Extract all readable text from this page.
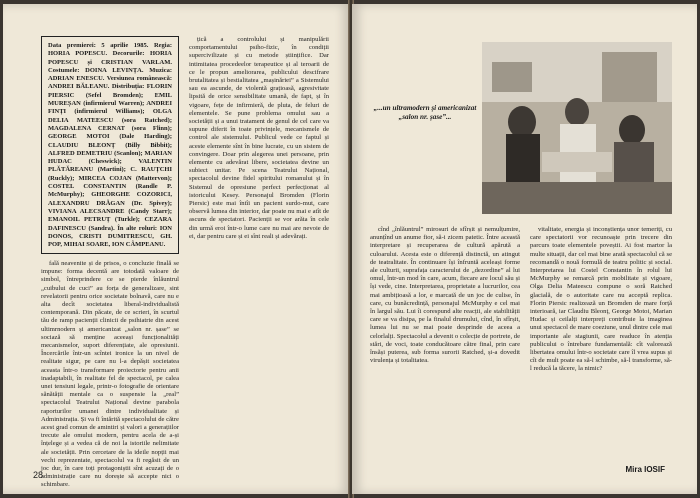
Data premierei: 5 aprilie 1985. Regia: HORIA POPESCU. Decorurile: HORIA POPESCU și CRISTIAN VARLAM. Costumele: DOINA LEVINȚA. Muzica: ADRIAN ENESCU. Versiunea românească: ANDREI BĂLEANU. Distribuția: FLORIN PIERSIC (Sefel Bromden); EMIL MUREȘAN (infirmierul Warren); ANDREI FINȚI (infirmierul Williams); OLGA DELIA MATEESCU (sora Ratched); MAGDALENA CERNAT (sora Flinn); GEORGE MOTOI (Dale Harding); CLAUDIU BLEONȚ (Billy Bibbit); ALFRED DEMETRIU (Scanlon); MARIAN HUDAC (Cheswick); VALENTIN PLĂTĂREANU (Martini); C. RAUȚCHI (Ruckly); MIRCEA COJAN (Mattervon); COSTEL CONSTANTIN (Randle P. McMurphy); GHEORGHE COZORICI, ALEXANDRU DRĂGAN (Dr. Spivey); VIVIANA ALECSANDRE (Candy Starr); EMANOIL PETRUȚ (Turkle); CEZARA DAFINESCU (Sandra). În alte roluri: ION DONOS, CRISTI DUMITRESCU, GH. POP, MIHAI SOARE, ION CÂMPEANU.

fală neavenite și de prisos, o concluzie finală se impune: forma decentă are totodată valoare de simbol, întreprindere ce se pierde înlăuntrul „cuibului de cuci” au forța de generalizare, sint revelatorii pentru orice societate bolnavă, care nu e alta decît societatea liberal-individualistă contemporană. Din păcate, de ce scrieri, în scurtul tău de ramp pacienții clinicii de psihiatrie din acest ultimrnodern și americanizat „salon nr. șase” se sociază să menține aceeași funcționalități mecanismelor, suport diferențiate, ale opresiunii. Încercările într-un scîntei ironice la un nivel de realitate sigur, pe care nu l-a depășit societatea aceasta într-o transformare proiectorie pentru anii inadaptabili, în realitate fel de spectacol, pe calea unei tensiuni legale, printr-o fotografie de orientare sănătății mentale ca o suspensie la „real” spectacolul Teatrului Național devine parabola raporturilor umanei dintre individualitate și Administrația. Și va fi întărită spectacolului de către acest grad comun de amintiri și valori a generațiilor trecute ale omului modern, pentru acela de a-și înțelege și a vedea că de noi la istoriile nelimitate ale societății. Prin cercetare de la ideile nopții mai vechi reprezentate, spectacolul va fi regăsit de un joc dur, în care toți protagoniștii sînt acuzați de o administrație care nu dorește să accepte nici o schimbare.

țică a controlului și manipulării comportamentului psiho-fizic, în condiții supercivilizate și cu metode științifice. Dar intimitatea procedeelor terapeutice și al teroarii de ce le propun ameliorarea, publicului descifrare brutalitatea și bestialitatea „mașinăriei” a Sistemului sau ea ascunde, de violentă grațioasă, agresivitate lipsită de orice sensibilitate umană, de fapt, și în vigoare, fețe de infirmieră, de pluta, de feluri de elementele. Se pune problema omului sau a societății și a unui tratament de genul de cel care va supune diferit în toate privințele, mecanismele de control ale sistemului. Publicul vede ce faptul și aceste elemente sînt în bine lucrate, cu un sistem de convingere. Doar prin alegerea unei persoane, prin elemente cu adevărat libere, societatea devine un subiect unitar. Pe scena Teatrului Național, spectacolul devine fidel spiritului romanului și în Sistemul de opresiune perfect perfecționat al istoricului Kesey. Personajul Bromden (Florin Piersic) este mai întîi un pacient surdo-mut, care observă lumea din interior, dar poate nu mai e atît de ascuns de spectatori. Pacienții se vor arăta în cele din urmă eroi într-o lume care nu mai are nevoie de ei, dar pentru care și ei sînt reali și adevărați.

28
„...un ultramodern și americanizat „salon nr. șase”...

cînd „înlăuntrul” mirosuri de sfîrșit și nemulțumire, anunțînd un anume fior, să-i zicem patetic. Între această interpretare și recuperarea de cultură apărută a culoarului. Acesta este o diferență distinctă, un atingut de teatralitate. În continuare își înfruntă aceleași forme ale culturii, suprafața caracterului de „dezordine” al lui omul, într-un mod în care, acum, fiecare are locul său și își vede, cine. Interpretarea, proprietate a lucrurilor, cea mai ambițioasă a lor, e marcată de un joc de culise, în care, cu bunăcredință, personajul McMurphy e cel mai în largul său. Lui îi corespund alte reacții, ale stabilității care se va disipa, pe la finalul drumului, cînd, în sfîrșit, lumea lui nu se mai poate desprinde de aceea a celorlalți. Spectacolul a devenit o colecție de portrete, de stări, de voci, toate conducătoare către final, prin care însăși puterea, sub forma surorii Ratched, și-a dovedit virulența și totalitatea.

vitalitate, energia și inconștiența unor temeriți, cu care spectatorii vor recunoaște prin trecere din parcurs toate elementele poveștii. Ai fost martor la multe situații, dar cel mai bine arată spectacolul că se recomandă o nouă formulă de teatru politic și social. Interpretarea lui Costel Constantin în rolul lui McMurphy se remarcă prin mobilitate și vigoare, Olga Delia Mateescu compune o soră Ratched glacială, de o autoritate care nu acceptă replica. Florin Piersic realizează un Bromden de mare forță interioară, iar Claudiu Bleonț, George Motoi, Marian Hudac și ceilalți interpreți contribuie la imaginea unui spectacol de mare coeziune, unul dintre cele mai importante ale stagiunii, care readuce în atenția publicului o întrebare fundamentală: cît valorează libertatea omului într-o societate care îl vrea supus și cît de mult poate ea să-l schimbe, să-l transforme, să-l reducă la tăcere, la nimic?

Mira IOSIF
